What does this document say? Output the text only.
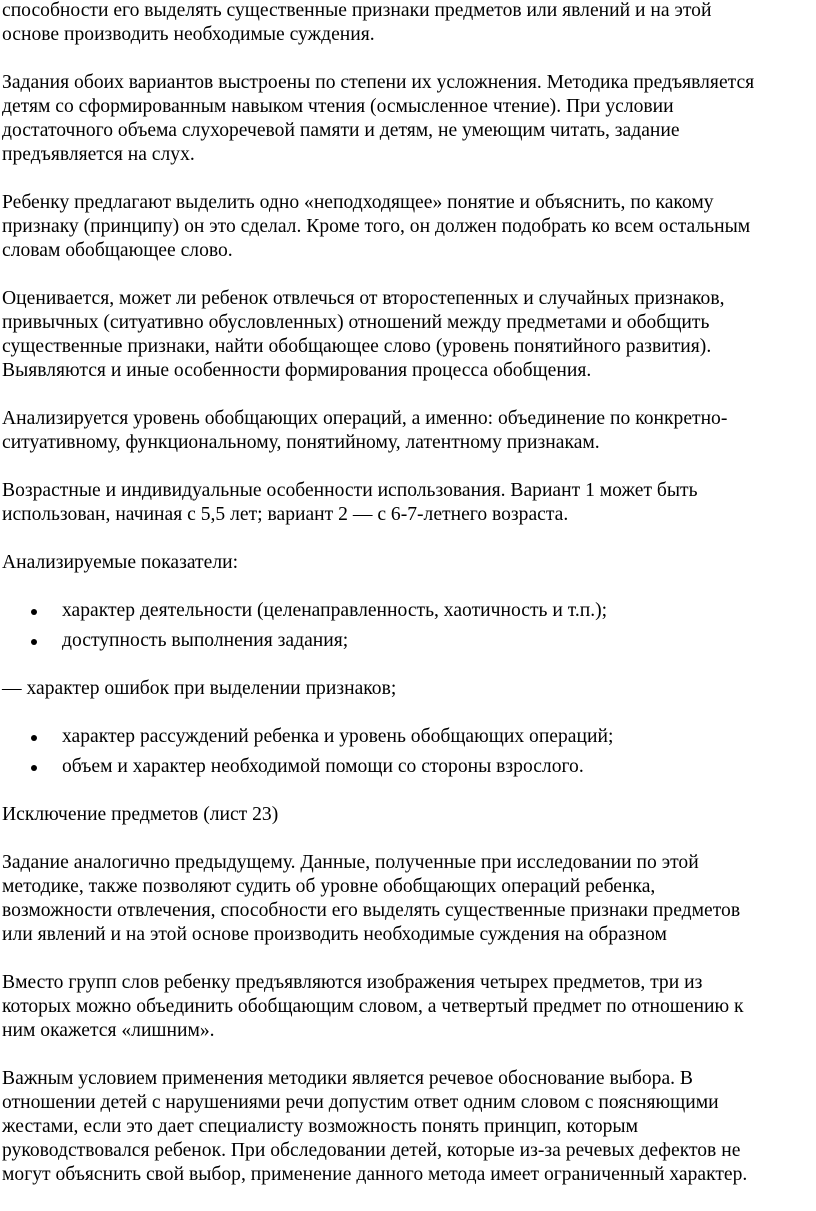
способности его выделять существенные признаки предметов или явлений и на этой
основе производить необходимые суждения.

Задания обоих вариантов выстроены по степени их усложнения. Методика предъявляется
детям со сформированным навыком чтения (осмысленное чтение). При условии
достаточного объема слухоречевой памяти и детям, не умеющим читать, задание
предъявляется на слух.

Ребенку предлагают выделить одно «неподходящее» понятие и объяснить, по какому
признаку (принципу) он это сделал. Кроме того, он должен подобрать ко всем остальным
словам обобщающее слово.

Оценивается, может ли ребенок отвлечься от второстепенных и случайных признаков,
привычных (ситуативно обусловленных) отношений между предметами и обобщить
существенные признаки, найти обобщающее слово (уровень понятийного развития).
Выявляются и иные особенности формирования процесса обобщения.

Анализируется уровень обобщающих операций, а именно: объединение по конкретно-
ситуативному, функциональному, понятийному, латентному признакам.

Возрастные и индивидуальные особенности использования. Вариант 1 может быть
использован, начиная с 5,5 лет; вариант 2 — с 6-7-летнего возраста.

Анализируемые показатели:

характер деятельности (целенаправленность, хаотичность и т.п.);
доступность выполнения задания;

— характер ошибок при выделении признаков;

характер рассуждений ребенка и уровень обобщающих операций;
объем и характер необходимой помощи со стороны взрослого.

Исключение предметов (лист 23)

Задание аналогично предыдущему. Данные, полученные при исследовании по этой
методике, также позволяют судить об уровне обобщающих операций ребенка,
возможности отвлечения, способности его выделять существенные признаки предметов
или явлений и на этой основе производить необходимые суждения на образном

Вместо групп слов ребенку предъявляются изображения четырех предметов, три из
которых можно объединить обобщающим словом, а четвертый предмет по отношению к
ним окажется «лишним».

Важным условием применения методики является речевое обоснование выбора. В
отношении детей с нарушениями речи допустим ответ одним словом с поясняющими
жестами, если это дает специалисту возможность понять принцип, которым
руководствовался ребенок. При обследовании детей, которые из-за речевых дефектов не
могут объяснить свой выбор, применение данного метода имеет ограниченный характер.
